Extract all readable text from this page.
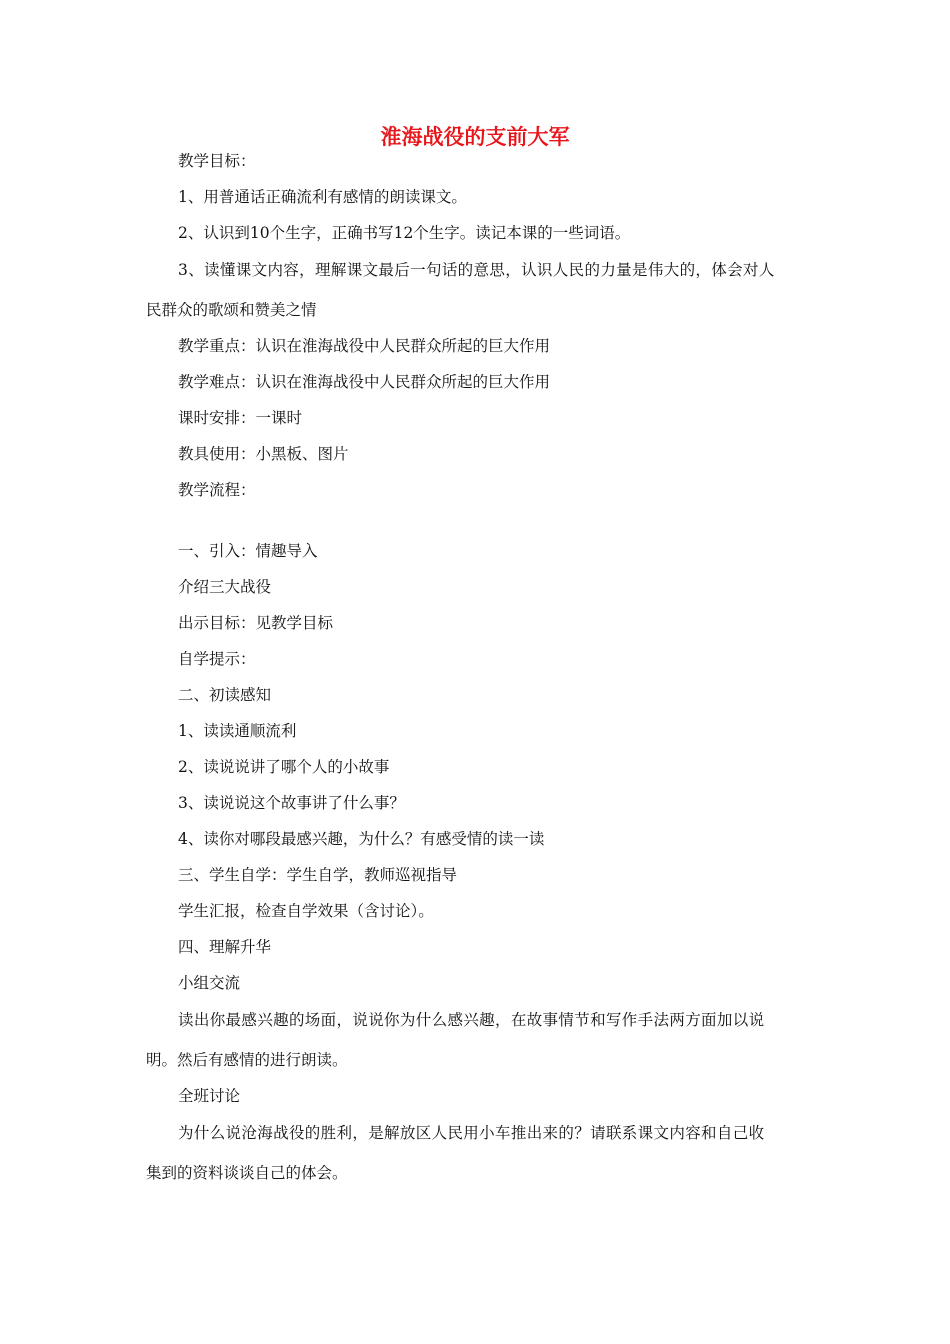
淮海战役的支前大军
教学目标：
1、用普通话正确流利有感情的朗读课文。
2、认识到10个生字，正确书写12个生字。读记本课的一些词语。
3、读懂课文内容，理解课文最后一句话的意思，认识人民的力量是伟大的，体会对人
民群众的歌颂和赞美之情
教学重点：认识在淮海战役中人民群众所起的巨大作用
教学难点：认识在淮海战役中人民群众所起的巨大作用
课时安排：一课时
教具使用：小黑板、图片
教学流程：
一、引入：情趣导入
介绍三大战役
出示目标：见教学目标
自学提示：
二、初读感知
1、读读通顺流利
2、读说说讲了哪个人的小故事
3、读说说这个故事讲了什么事？
4、读你对哪段最感兴趣，为什么？有感受情的读一读
三、学生自学：学生自学，教师巡视指导
学生汇报，检查自学效果（含讨论）。
四、理解升华
小组交流
读出你最感兴趣的场面，说说你为什么感兴趣，在故事情节和写作手法两方面加以说
明。然后有感情的进行朗读。
全班讨论
为什么说沧海战役的胜利，是解放区人民用小车推出来的？请联系课文内容和自己收
集到的资料谈谈自己的体会。
